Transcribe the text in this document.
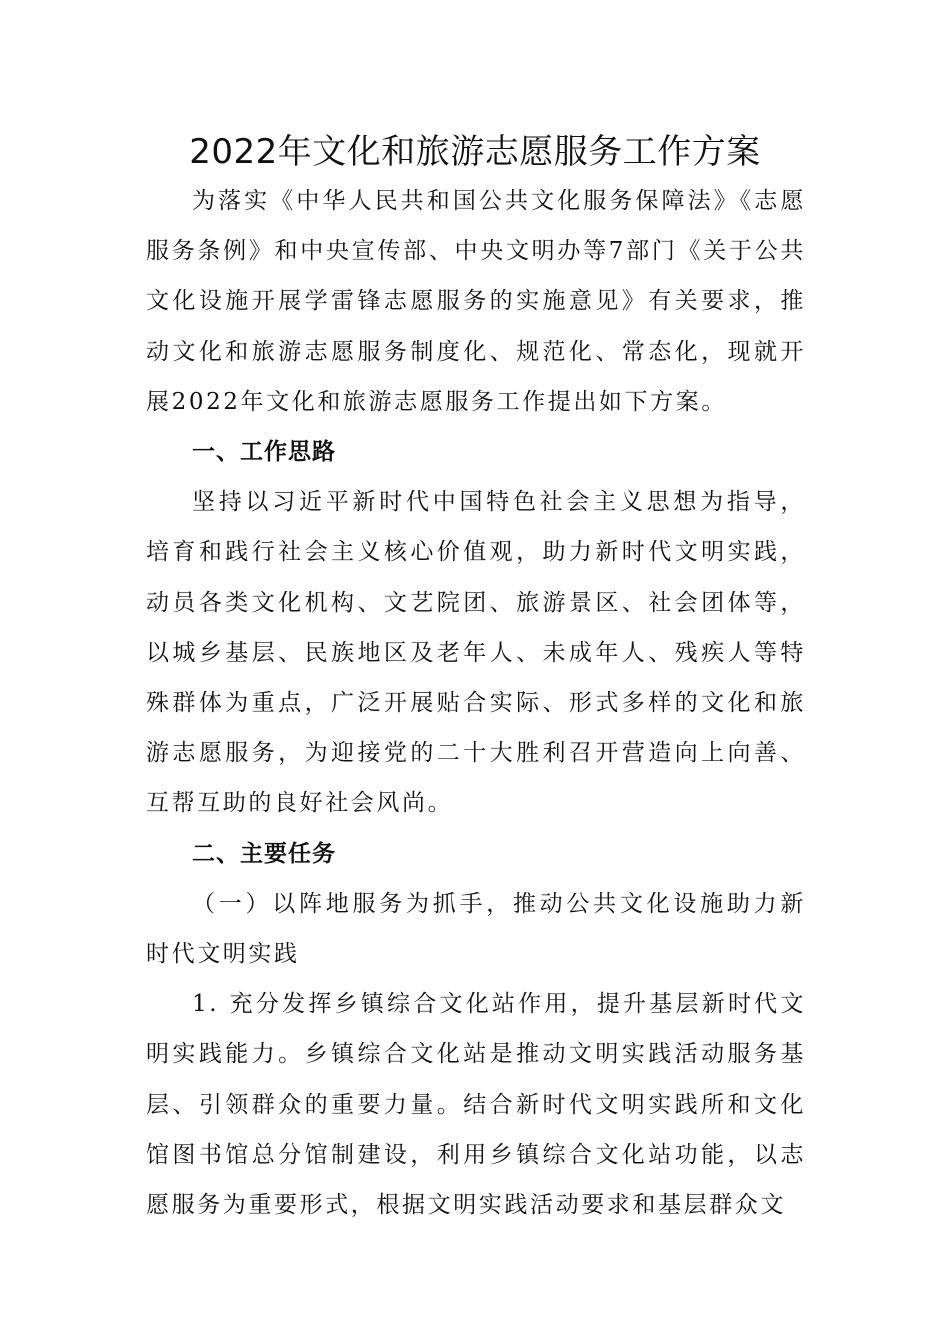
2022年文化和旅游志愿服务工作方案

为落实《中华人民共和国公共文化服务保障法》《志愿服务条例》和中央宣传部、中央文明办等7部门《关于公共文化设施开展学雷锋志愿服务的实施意见》有关要求，推动文化和旅游志愿服务制度化、规范化、常态化，现就开展2022年文化和旅游志愿服务工作提出如下方案。

一、工作思路

坚持以习近平新时代中国特色社会主义思想为指导，培育和践行社会主义核心价值观，助力新时代文明实践，动员各类文化机构、文艺院团、旅游景区、社会团体等，以城乡基层、民族地区及老年人、未成年人、残疾人等特殊群体为重点，广泛开展贴合实际、形式多样的文化和旅游志愿服务，为迎接党的二十大胜利召开营造向上向善、互帮互助的良好社会风尚。

二、主要任务

（一）以阵地服务为抓手，推动公共文化设施助力新时代文明实践

1. 充分发挥乡镇综合文化站作用，提升基层新时代文明实践能力。乡镇综合文化站是推动文明实践活动服务基层、引领群众的重要力量。结合新时代文明实践所和文化馆图书馆总分馆制建设，利用乡镇综合文化站功能，以志愿服务为重要形式，根据文明实践活动要求和基层群众文
